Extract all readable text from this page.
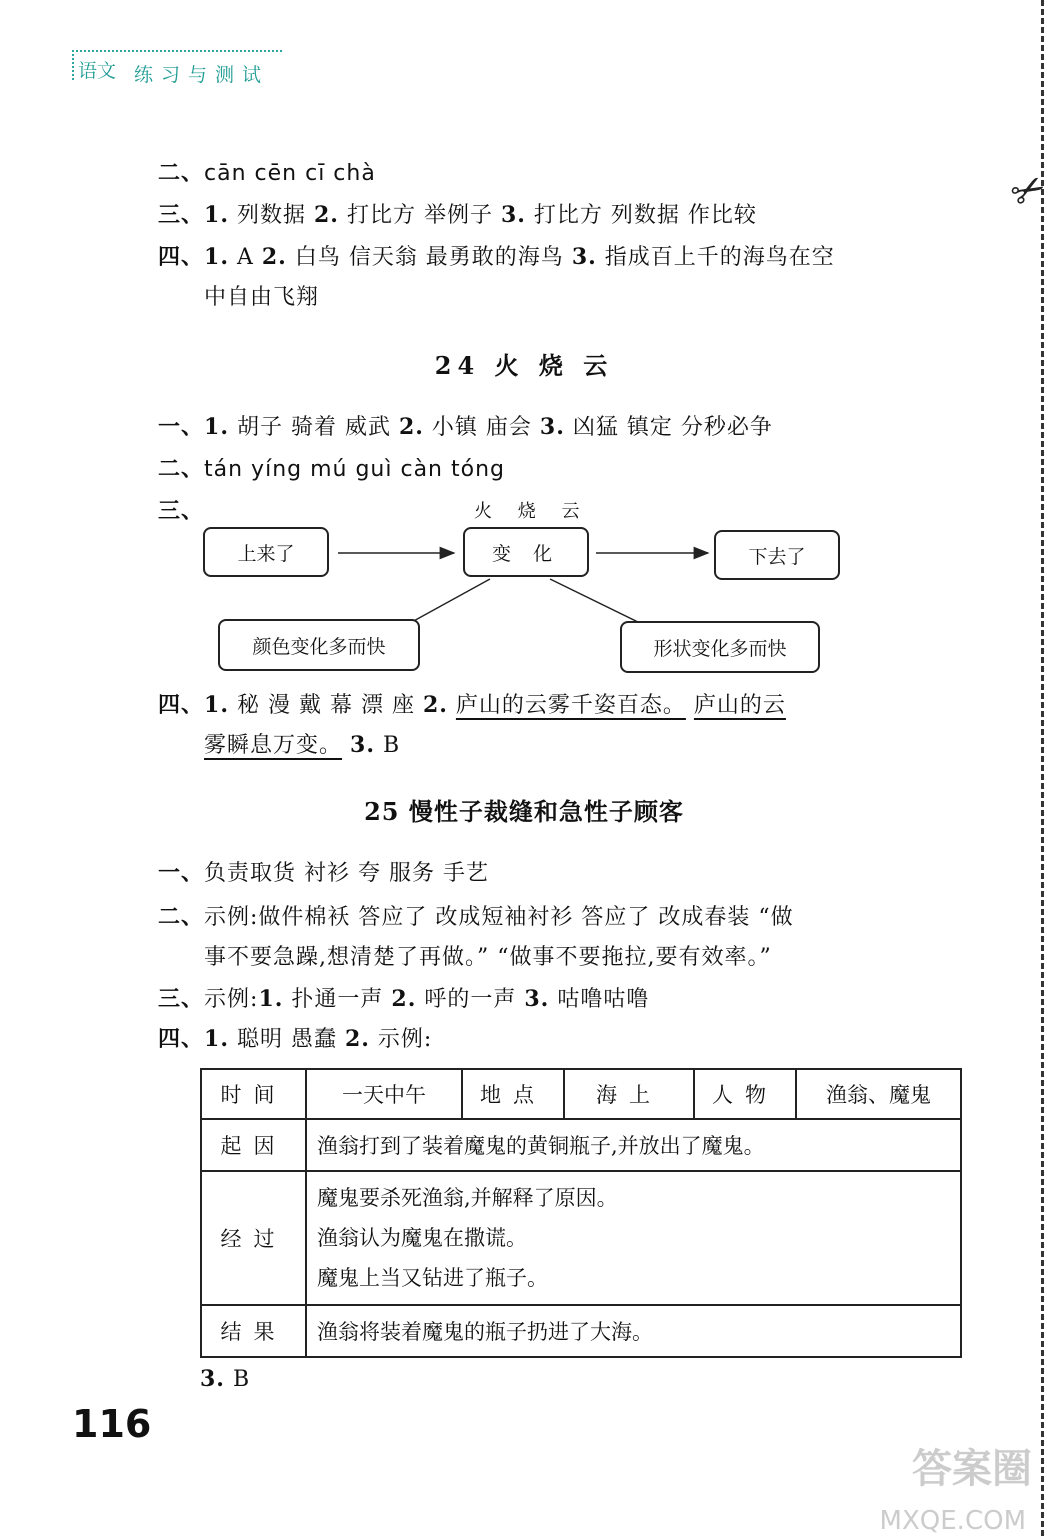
语文 练习与测试
✂
二、cān cēn cī chà
三、1. 列数据 2. 打比方 举例子 3. 打比方 列数据 作比较
四、1. A 2. 白鸟 信天翁 最勇敢的海鸟 3. 指成百上千的海鸟在空
中自由飞翔
24 火 烧 云
一、1. 胡子 骑着 威武 2. 小镇 庙会 3. 凶猛 镇定 分秒必争
二、tán yíng mú guì càn tóng
三、	火 烧 云
上来了	变 化	下去了
颜色变化多而快	形状变化多而快
四、1. 秘 漫 戴 幕 漂 座 2. 庐山的云雾千姿百态。 庐山的云
雾瞬息万变。 3. B
25 慢性子裁缝和急性子顾客
一、负责取货 衬衫 夸 服务 手艺
二、示例:做件棉袄 答应了 改成短袖衬衫 答应了 改成春装 “做
事不要急躁,想清楚了再做。” “做事不要拖拉,要有效率。”
三、示例:1. 扑通一声 2. 呼的一声 3. 咕噜咕噜
四、1. 聪明 愚蠢 2. 示例:
时间	一天中午	地点	海上	人物	渔翁、魔鬼
起因	渔翁打到了装着魔鬼的黄铜瓶子,并放出了魔鬼。				
经过	魔鬼要杀死渔翁,并解释了原因。
渔翁认为魔鬼在撒谎。
魔鬼上当又钻进了瓶子。				

结果	渔翁将装着魔鬼的瓶子扔进了大海。				
3. B
116
答案圈
MXQE.COM
